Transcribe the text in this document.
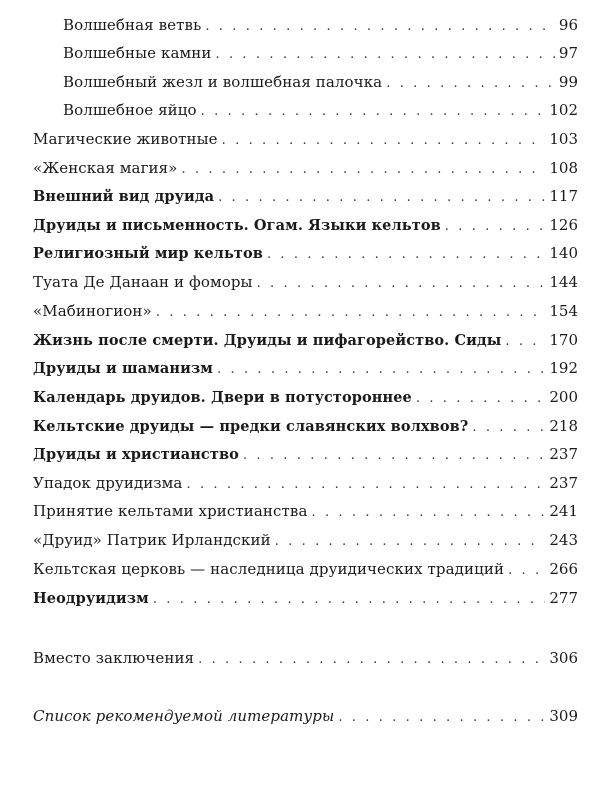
Волшебная ветвь . . .	96
Волшебные камни . . .	97
Волшебный жезл и волшебная палочка . . .	99
Волшебное яйцо . . .	102
Магические животные . . .	103
«Женская магия» . . .	108
Внешний вид друида . . .	117
Друиды и письменность. Огам. Языки кельтов . . .	126
Религиозный мир кельтов . . .	140
Туата Де Данаан и фоморы . . .	144
«Мабиногион» . . .	154
Жизнь после смерти. Друиды и пифагорейство. Сиды . . .	170
Друиды и шаманизм . . .	192
Календарь друидов. Двери в потустороннее . . .	200
Кельтские друиды — предки славянских волхвов? . . .	218
Друиды и христианство . . .	237
Упадок друидизма . . .	237
Принятие кельтами христианства . . .	241
«Друид» Патрик Ирландский . . .	243
Кельтская церковь — наследница друидических традиций . . .	266
Неодруидизм . . .	277
Вместо заключения . . .	306
Список рекомендуемой литературы . . .	309
